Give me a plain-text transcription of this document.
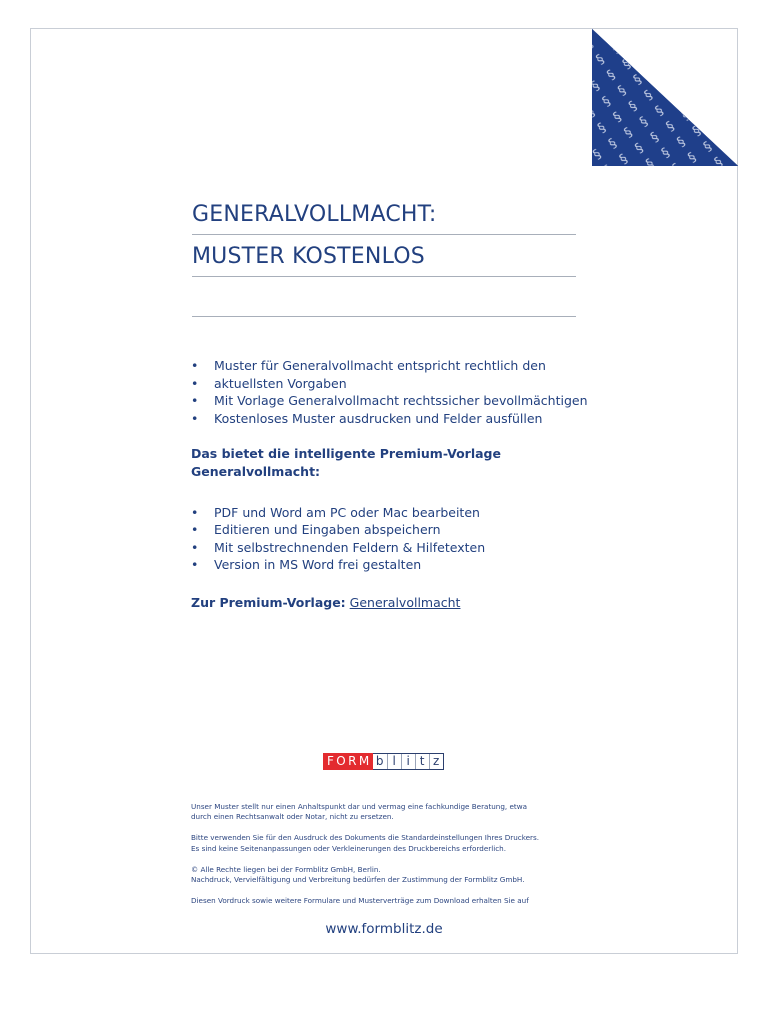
GENERALVOLLMACHT:
MUSTER KOSTENLOS
• Muster für Generalvollmacht entspricht rechtlich den
• aktuellsten Vorgaben
• Mit Vorlage Generalvollmacht rechtssicher bevollmächtigen
• Kostenloses Muster ausdrucken und Felder ausfüllen
Das bietet die intelligente Premium-Vorlage
Generalvollmacht:
• PDF und Word am PC oder Mac bearbeiten
• Editieren und Eingaben abspeichern
• Mit selbstrechnenden Feldern & Hilfetexten
• Version in MS Word frei gestalten
Zur Premium-Vorlage: Generalvollmacht
FORM b l i t z

Unser Muster stellt nur einen Anhaltspunkt dar und vermag eine fachkundige Beratung, etwa
durch einen Rechtsanwalt oder Notar, nicht zu ersetzen.

Bitte verwenden Sie für den Ausdruck des Dokuments die Standardeinstellungen Ihres Druckers.
Es sind keine Seitenanpassungen oder Verkleinerungen des Druckbereichs erforderlich.

© Alle Rechte liegen bei der Formblitz GmbH, Berlin.
Nachdruck, Vervielfältigung und Verbreitung bedürfen der Zustimmung der Formblitz GmbH.

Diesen Vordruck sowie weitere Formulare und Musterverträge zum Download erhalten Sie auf

www.formblitz.de
